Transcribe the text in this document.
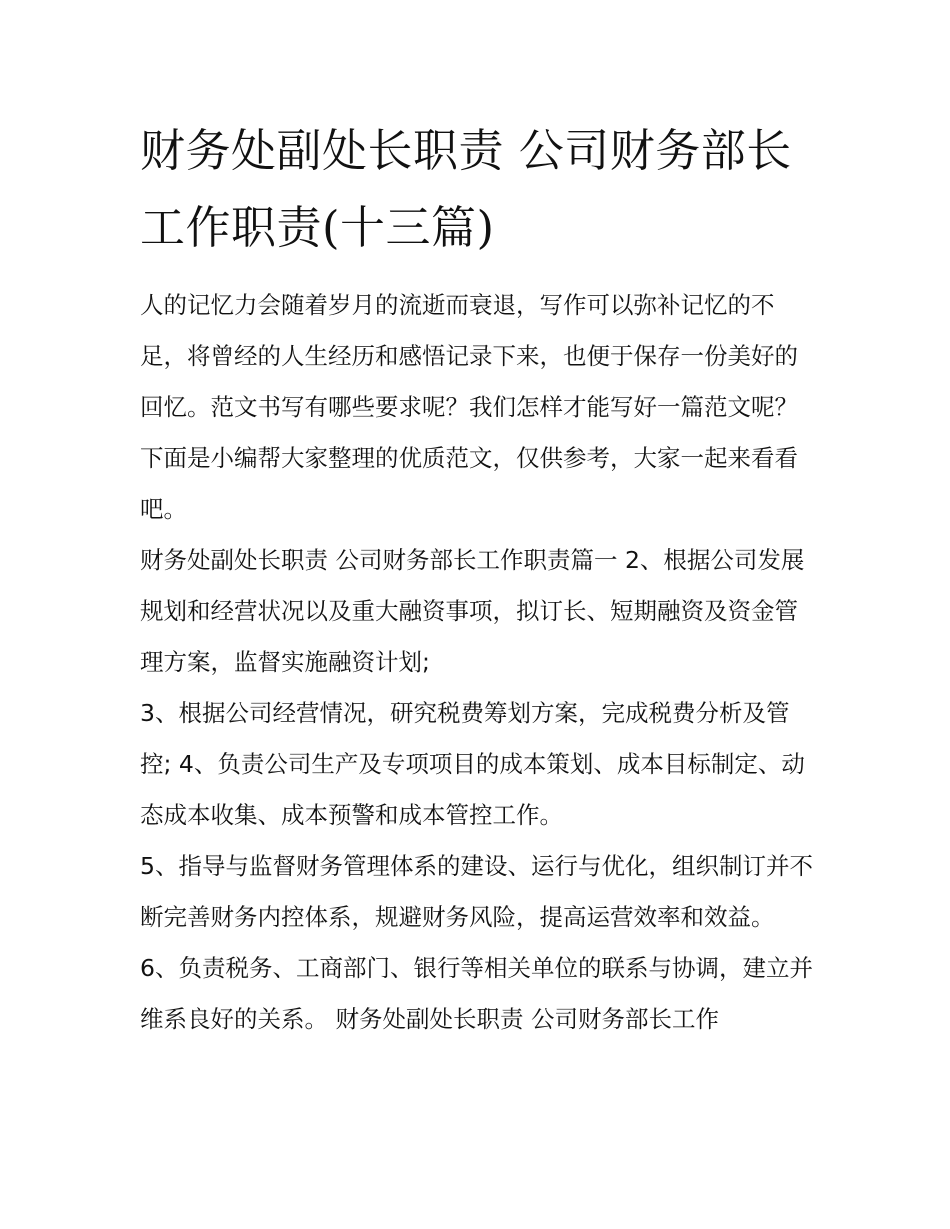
财务处副处长职责 公司财务部长工作职责(十三篇)

人的记忆力会随着岁月的流逝而衰退，写作可以弥补记忆的不足，将曾经的人生经历和感悟记录下来，也便于保存一份美好的回忆。范文书写有哪些要求呢？我们怎样才能写好一篇范文呢？下面是小编帮大家整理的优质范文，仅供参考，大家一起来看看吧。

财务处副处长职责 公司财务部长工作职责篇一 2、根据公司发展规划和经营状况以及重大融资事项，拟订长、短期融资及资金管理方案，监督实施融资计划;

3、根据公司经营情况，研究税费筹划方案，完成税费分析及管控; 4、负责公司生产及专项项目的成本策划、成本目标制定、动态成本收集、成本预警和成本管控工作。

5、指导与监督财务管理体系的建设、运行与优化，组织制订并不断完善财务内控体系，规避财务风险，提高运营效率和效益。

6、负责税务、工商部门、银行等相关单位的联系与协调，建立并维系良好的关系。 财务处副处长职责 公司财务部长工作
